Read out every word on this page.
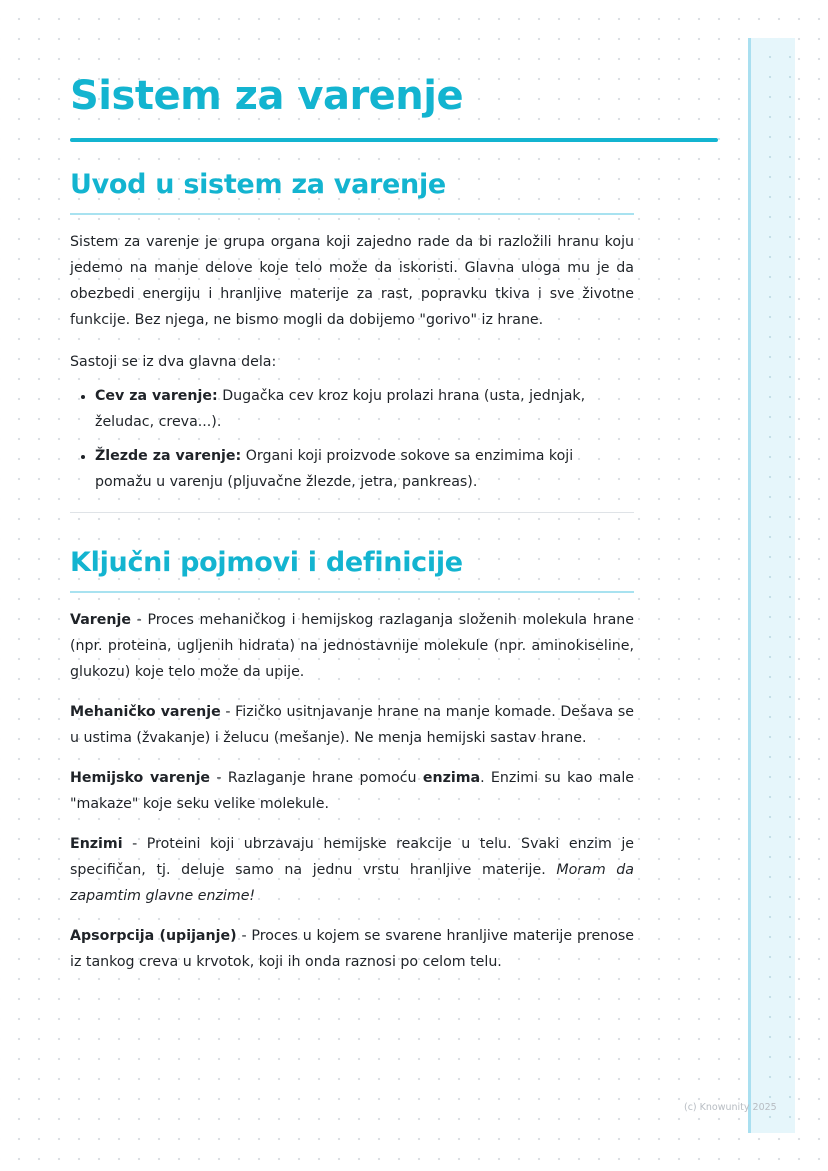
Sistem za varenje
Uvod u sistem za varenje

Sistem za varenje je grupa organa koji zajedno rade da bi razložili hranu koju jedemo na manje delove koje telo može da iskoristi. Glavna uloga mu je da obezbedi energiju i hranljive materije za rast, popravku tkiva i sve životne funkcije. Bez njega, ne bismo mogli da dobijemo "gorivo" iz hrane.

Sastoji se iz dva glavna dela:

• Cev za varenje: Dugačka cev kroz koju prolazi hrana (usta, jednjak, želudac, creva...).
• Žlezde za varenje: Organi koji proizvode sokove sa enzimima koji pomažu u varenju (pljuvačne žlezde, jetra, pankreas).
Ključni pojmovi i definicije

Varenje - Proces mehaničkog i hemijskog razlaganja složenih molekula hrane (npr. proteina, ugljenih hidrata) na jednostavnije molekule (npr. aminokiseline, glukozu) koje telo može da upije.

Mehaničko varenje - Fizičko usitnjavanje hrane na manje komade. Dešava se u ustima (žvakanje) i želucu (mešanje). Ne menja hemijski sastav hrane.

Hemijsko varenje - Razlaganje hrane pomoću enzima. Enzimi su kao male "makaze" koje seku velike molekule.

Enzimi - Proteini koji ubrzavaju hemijske reakcije u telu. Svaki enzim je specifičan, tj. deluje samo na jednu vrstu hranljive materije. Moram da zapamtim glavne enzime!

Apsorpcija (upijanje) - Proces u kojem se svarene hranljive materije prenose iz tankog creva u krvotok, koji ih onda raznosi po celom telu.

(c) Knowunity 2025
